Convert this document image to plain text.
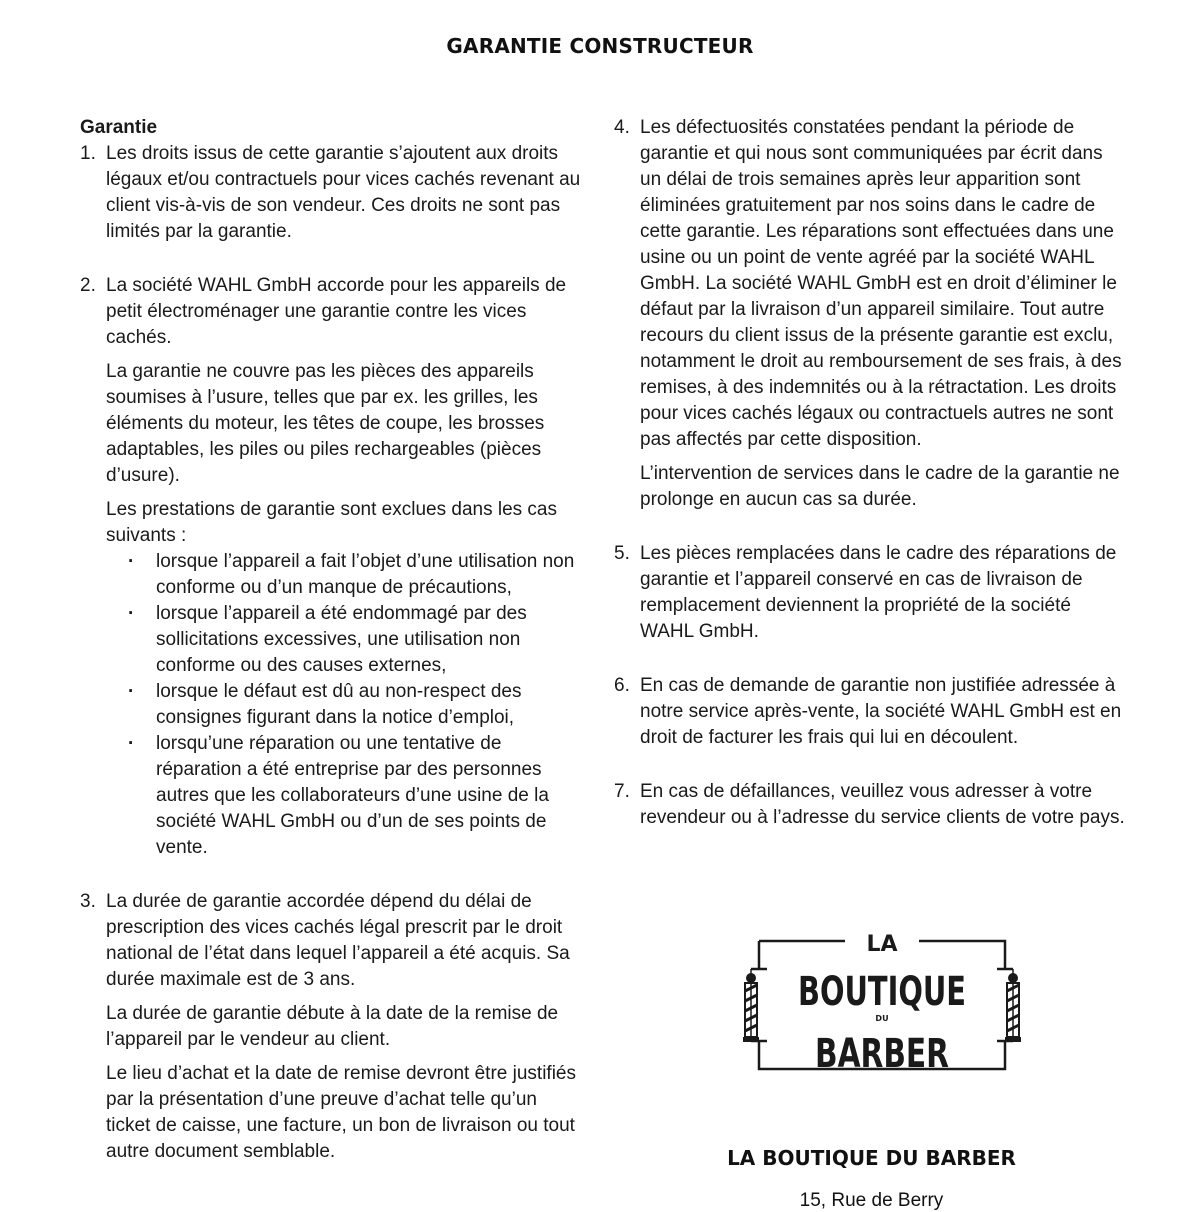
GARANTIE CONSTRUCTEUR
Garantie
1. Les droits issus de cette garantie s’ajoutent aux droits légaux et/ou contractuels pour vices cachés revenant au client vis-à-vis de son vendeur. Ces droits ne sont pas limités par la garantie.

2. La société WAHL GmbH accorde pour les appareils de petit électroménager une garantie contre les vices cachés.

La garantie ne couvre pas les pièces des appareils soumises à l’usure, telles que par ex. les grilles, les éléments du moteur, les têtes de coupe, les brosses adaptables, les piles ou piles rechargeables (pièces d’usure).

Les prestations de garantie sont exclues dans les cas suivants :

· lorsque l’appareil a fait l’objet d’une utilisation non conforme ou d’un manque de précautions,
· lorsque l’appareil a été endommagé par des sollicitations excessives, une utilisation non conforme ou des causes externes,
· lorsque le défaut est dû au non-respect des consignes figurant dans la notice d’emploi,
· lorsqu’une réparation ou une tentative de réparation a été entreprise par des personnes autres que les collaborateurs d’une usine de la société WAHL GmbH ou d’un de ses points de vente.
3. La durée de garantie accordée dépend du délai de prescription des vices cachés légal prescrit par le droit national de l’état dans lequel l’appareil a été acquis. Sa durée maximale est de 3 ans.

La durée de garantie débute à la date de la remise de l’appareil par le vendeur au client.

Le lieu d’achat et la date de remise devront être justifiés par la présentation d’une preuve d’achat telle qu’un ticket de caisse, une facture, un bon de livraison ou tout autre document semblable.

4. Les défectuosités constatées pendant la période de garantie et qui nous sont communiquées par écrit dans un délai de trois semaines après leur apparition sont éliminées gratuitement par nos soins dans le cadre de cette garantie. Les réparations sont effectuées dans une usine ou un point de vente agréé par la société WAHL GmbH. La société WAHL GmbH est en droit d’éliminer le défaut par la livraison d’un appareil similaire. Tout autre recours du client issus de la présente garantie est exclu, notamment le droit au remboursement de ses frais, à des remises, à des indemnités ou à la rétractation. Les droits pour vices cachés légaux ou contractuels autres ne sont pas affectés par cette disposition.

L’intervention de services dans le cadre de la garantie ne prolonge en aucun cas sa durée.

5. Les pièces remplacées dans le cadre des réparations de garantie et l’appareil conservé en cas de livraison de remplacement deviennent la propriété de la société WAHL GmbH.

6. En cas de demande de garantie non justifiée adressée à notre service après-vente, la société WAHL GmbH est en droit de facturer les frais qui lui en découlent.

7. En cas de défaillances, veuillez vous adresser à votre revendeur ou à l’adresse du service clients de votre pays.

LA
BOUTIQUE
DU
BARBER
LA BOUTIQUE DU BARBER
15, Rue de Berry
